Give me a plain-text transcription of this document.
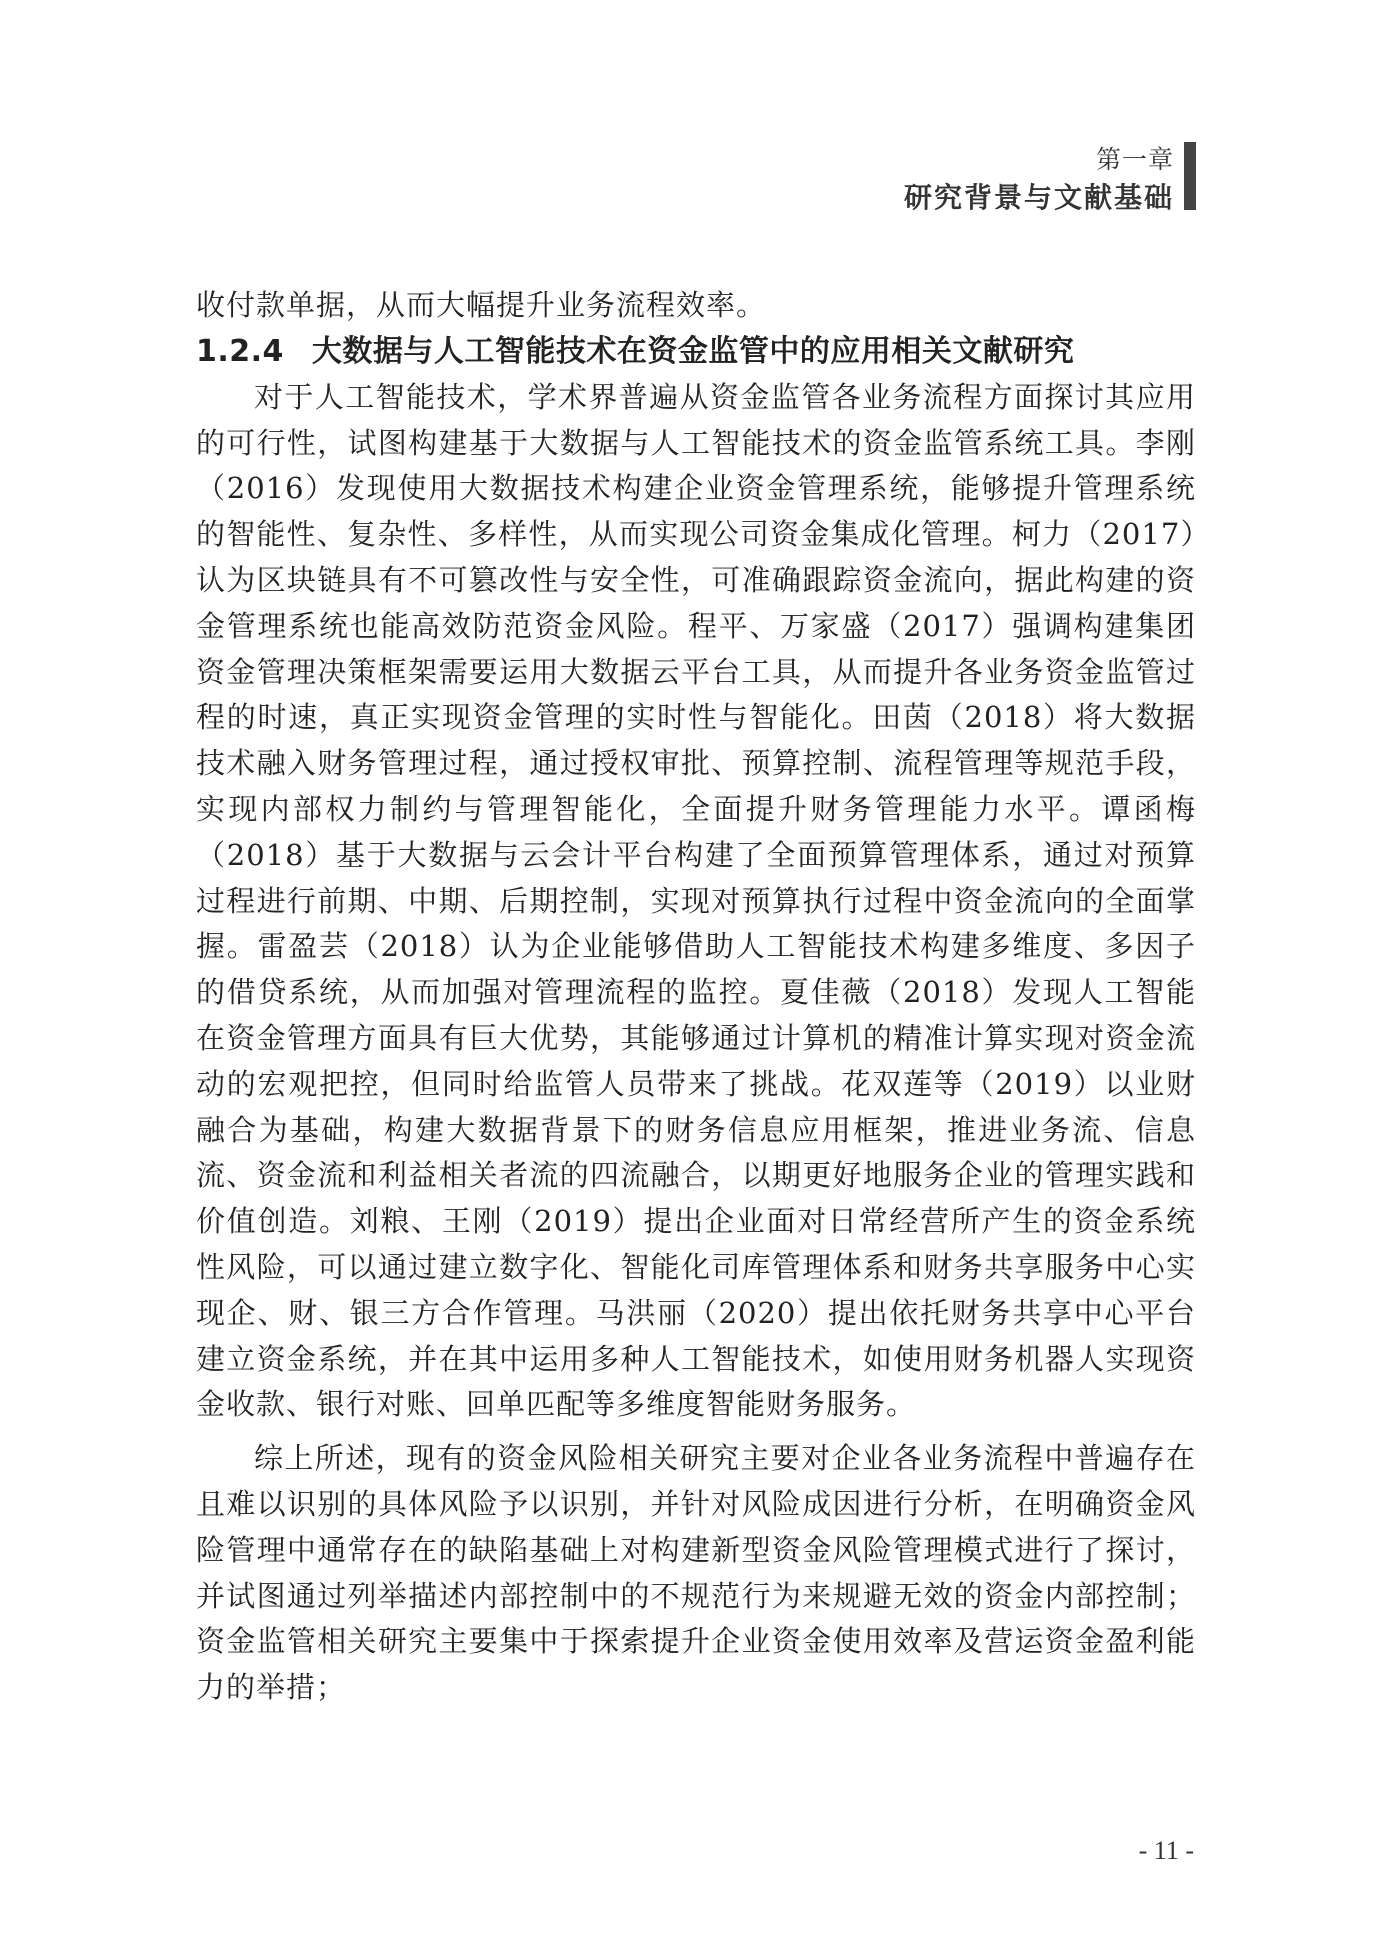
第一章
研究背景与文献基础

收付款单据，从而大幅提升业务流程效率。

1.2.4 大数据与人工智能技术在资金监管中的应用相关文献研究

对于人工智能技术，学术界普遍从资金监管各业务流程方面探讨其应用的可行性，试图构建基于大数据与人工智能技术的资金监管系统工具。李刚（2016）发现使用大数据技术构建企业资金管理系统，能够提升管理系统的智能性、复杂性、多样性，从而实现公司资金集成化管理。柯力（2017）认为区块链具有不可篡改性与安全性，可准确跟踪资金流向，据此构建的资金管理系统也能高效防范资金风险。程平、万家盛（2017）强调构建集团资金管理决策框架需要运用大数据云平台工具，从而提升各业务资金监管过程的时速，真正实现资金管理的实时性与智能化。田茵（2018）将大数据技术融入财务管理过程，通过授权审批、预算控制、流程管理等规范手段，实现内部权力制约与管理智能化，全面提升财务管理能力水平。谭函梅（2018）基于大数据与云会计平台构建了全面预算管理体系，通过对预算过程进行前期、中期、后期控制，实现对预算执行过程中资金流向的全面掌握。雷盈芸（2018）认为企业能够借助人工智能技术构建多维度、多因子的借贷系统，从而加强对管理流程的监控。夏佳薇（2018）发现人工智能在资金管理方面具有巨大优势，其能够通过计算机的精准计算实现对资金流动的宏观把控，但同时给监管人员带来了挑战。花双莲等（2019）以业财融合为基础，构建大数据背景下的财务信息应用框架，推进业务流、信息流、资金流和利益相关者流的四流融合，以期更好地服务企业的管理实践和价值创造。刘粮、王刚（2019）提出企业面对日常经营所产生的资金系统性风险，可以通过建立数字化、智能化司库管理体系和财务共享服务中心实现企、财、银三方合作管理。马洪丽（2020）提出依托财务共享中心平台建立资金系统，并在其中运用多种人工智能技术，如使用财务机器人实现资金收款、银行对账、回单匹配等多维度智能财务服务。

综上所述，现有的资金风险相关研究主要对企业各业务流程中普遍存在且难以识别的具体风险予以识别，并针对风险成因进行分析，在明确资金风险管理中通常存在的缺陷基础上对构建新型资金风险管理模式进行了探讨，并试图通过列举描述内部控制中的不规范行为来规避无效的资金内部控制；资金监管相关研究主要集中于探索提升企业资金使用效率及营运资金盈利能力的举措；

- 11 -
